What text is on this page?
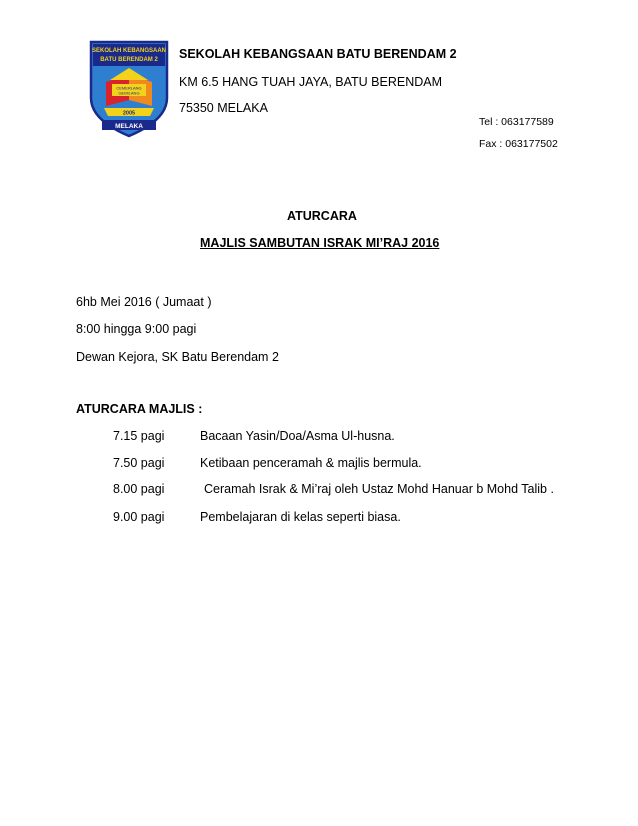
SEKOLAH KEBANGSAAN
BATU BERENDAM 2
CEMERLANG
GEMILANG
2005
MELAKA
SEKOLAH KEBANGSAAN BATU BERENDAM 2
KM 6.5 HANG TUAH JAYA, BATU BERENDAM
75350 MELAKA
Tel : 063177589
Fax : 063177502
ATURCARA
MAJLIS SAMBUTAN ISRAK MI’RAJ 2016
6hb Mei 2016 ( Jumaat )
8:00 hingga 9:00 pagi
Dewan Kejora, SK Batu Berendam 2
ATURCARA MAJLIS :
7.15 pagi	Bacaan Yasin/Doa/Asma Ul-husna.
7.50 pagi	Ketibaan penceramah & majlis bermula.
8.00 pagi	Ceramah Israk & Mi’raj oleh Ustaz Mohd Hanuar b Mohd Talib .
9.00 pagi	Pembelajaran di kelas seperti biasa.
